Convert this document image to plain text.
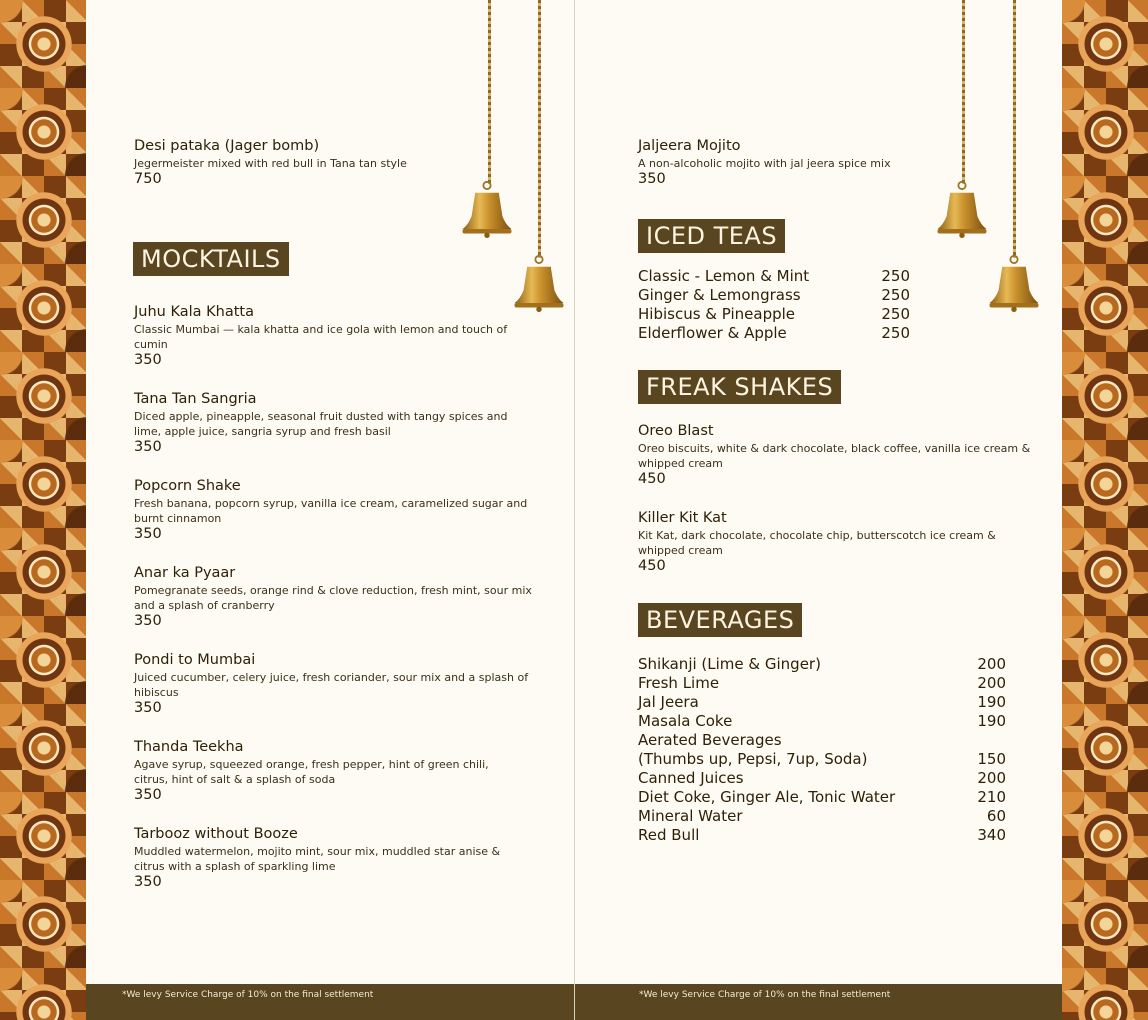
Desi pataka (Jager bomb)
Jegermeister mixed with red bull in Tana tan style
750
MOCKTAILS
Juhu Kala Khatta
Classic Mumbai — kala khatta and ice gola with lemon and touch of cumin
350
Tana Tan Sangria
Diced apple, pineapple, seasonal fruit dusted with tangy spices and lime, apple juice, sangria syrup and fresh basil
350
Popcorn Shake
Fresh banana, popcorn syrup, vanilla ice cream, caramelized sugar and burnt cinnamon
350
Anar ka Pyaar
Pomegranate seeds, orange rind & clove reduction, fresh mint, sour mix and a splash of cranberry
350
Pondi to Mumbai
Juiced cucumber, celery juice, fresh coriander, sour mix and a splash of hibiscus
350
Thanda Teekha
Agave syrup, squeezed orange, fresh pepper, hint of green chili, citrus, hint of salt & a splash of soda
350
Tarbooz without Booze
Muddled watermelon, mojito mint, sour mix, muddled star anise & citrus with a splash of sparkling lime
350
Jaljeera Mojito
A non-alcoholic mojito with jal jeera spice mix
350
ICED TEAS
Classic - Lemon & Mint	250
Ginger & Lemongrass	250
Hibiscus & Pineapple	250
Elderflower & Apple	250
FREAK SHAKES
Oreo Blast
Oreo biscuits, white & dark chocolate, black coffee, vanilla ice cream & whipped cream
450
Killer Kit Kat
Kit Kat, dark chocolate, chocolate chip, butterscotch ice cream & whipped cream
450
BEVERAGES
Shikanji (Lime & Ginger)	200
Fresh Lime	200
Jal Jeera	190
Masala Coke	190
Aerated Beverages
(Thumbs up, Pepsi, 7up, Soda)	150
Canned Juices	200
Diet Coke, Ginger Ale, Tonic Water	210
Mineral Water	60
Red Bull	340
*We levy Service Charge of 10% on the final settlement	*We levy Service Charge of 10% on the final settlement
